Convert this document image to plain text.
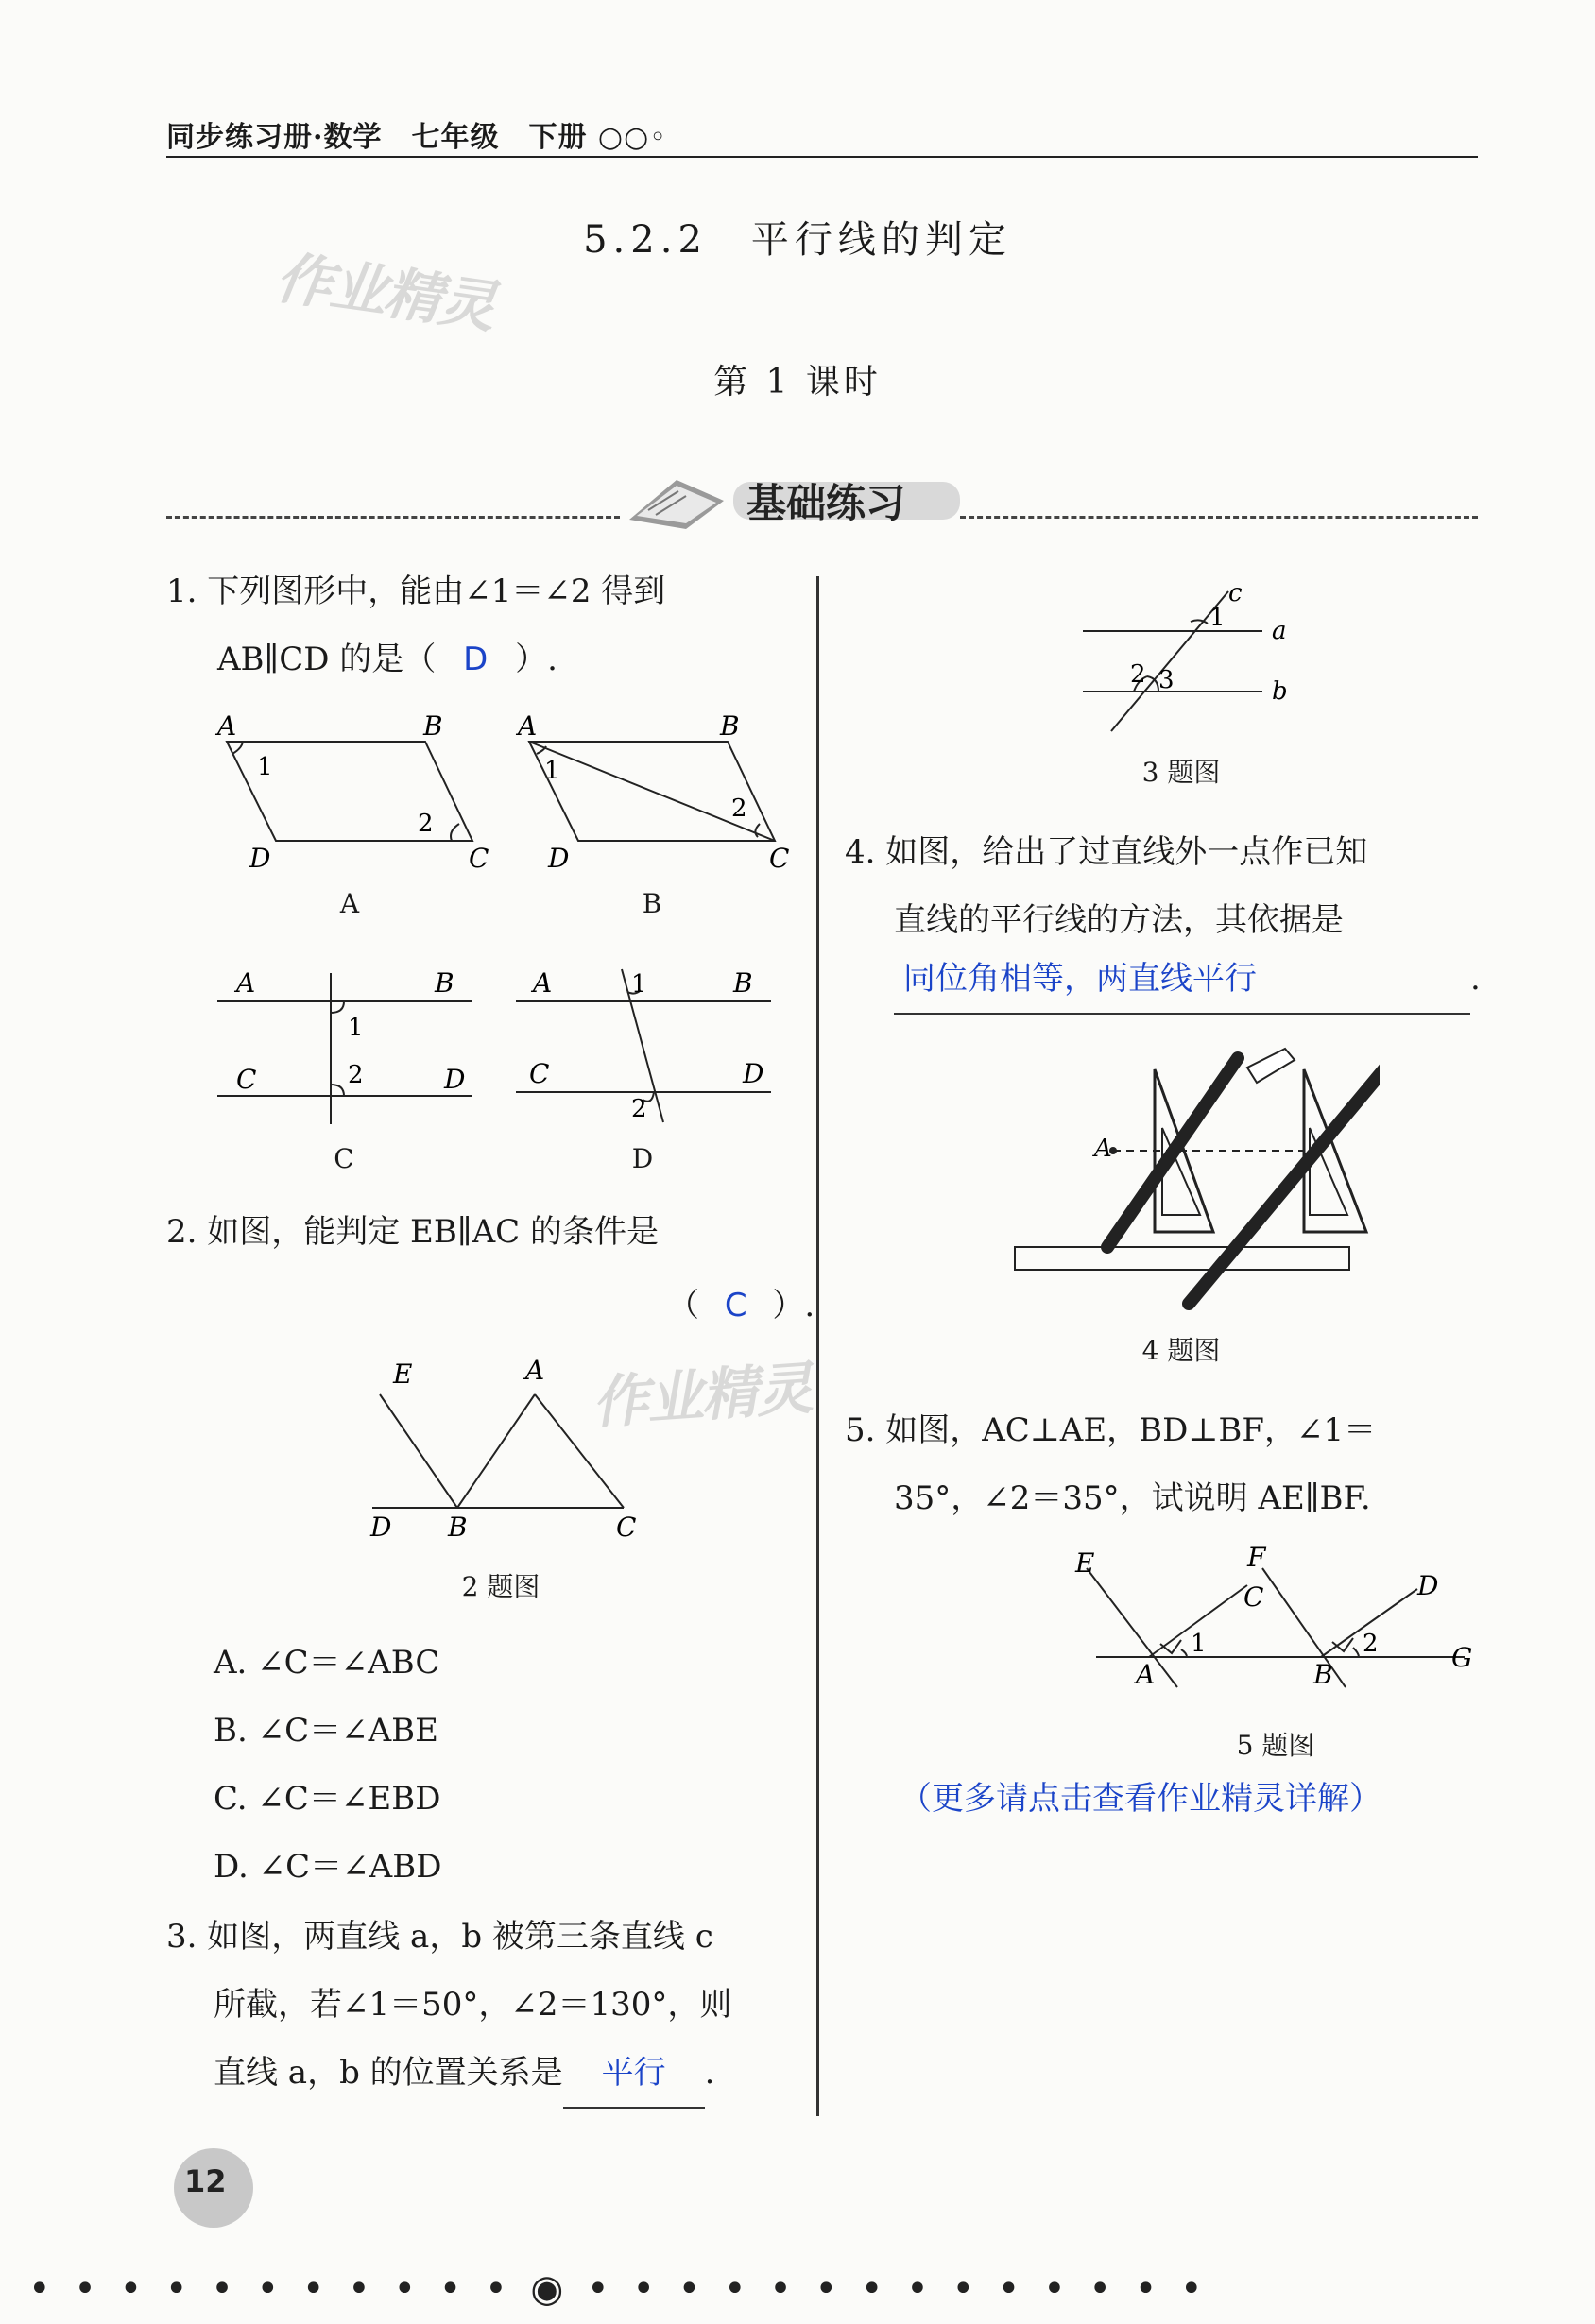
同步练习册·数学　七年级　下册 ○○◦
5.2.2　平行线的判定
作业精灵
第 1 课时
基础练习
1. 下列图形中，能由∠1＝∠2 得到
AB∥CD 的是（ D ）.
A	B
C
D
1
2
A
A	B
C
D
1
2
B
A	B
C	D
1
2
C
A	B
C	D
1
2
D
2. 如图，能判定 EB∥AC 的条件是
（ C ）.
作业精灵
E	A
D B	C
2 题图
A. ∠C＝∠ABC
B. ∠C＝∠ABE
C. ∠C＝∠EBD
D. ∠C＝∠ABD
3. 如图，两直线 a，b 被第三条直线 c
所截，若∠1＝50°，∠2＝130°，则
直线 a，b 的位置关系是 平行 .
c
1 a
2 3	b
3 题图
4. 如图，给出了过直线外一点作已知
直线的平行线的方法，其依据是
同位角相等，两直线平行	.
A
4 题图
5. 如图，AC⊥AE，BD⊥BF，∠1＝
35°，∠2＝35°，试说明 AE∥BF.
E
C
F
D
1	2
A	B
G
5 题图
（更多请点击查看作业精灵详解）
12
• • • • • • • • • • • ◉ • • • • • • • • • • • • • •
